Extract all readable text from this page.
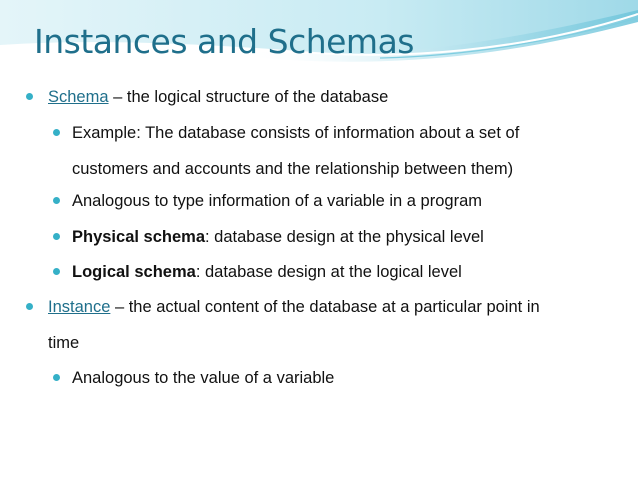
Instances and Schemas
Schema – the logical structure of the database
Example: The database consists of information about a set of
customers and accounts and the relationship between them)
Analogous to type information of a variable in a program
Physical schema: database design at the physical level
Logical schema: database design at the logical level
Instance – the actual content of the database at a particular point in
time
Analogous to the value of a variable
